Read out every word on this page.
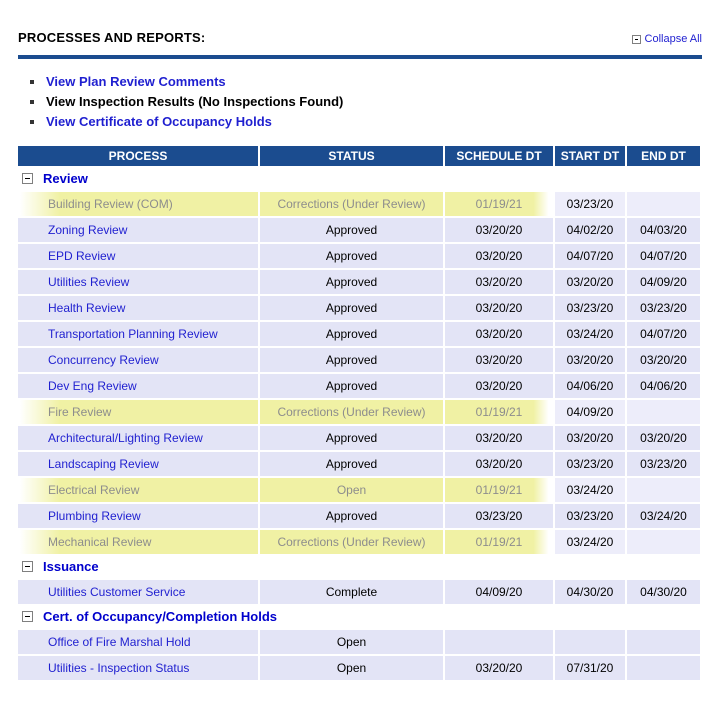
PROCESSES AND REPORTS:	Collapse All
View Plan Review Comments
View Inspection Results (No Inspections Found)
View Certificate of Occupancy Holds
PROCESS	STATUS	SCHEDULE DT	START DT	END DT

Review				

Building Review (COM)	Corrections (Under Review)	01/19/21	03/23/20	
Zoning Review	Approved	03/20/20	04/02/20	04/03/20
EPD Review	Approved	03/20/20	04/07/20	04/07/20
Utilities Review	Approved	03/20/20	03/20/20	04/09/20
Health Review	Approved	03/20/20	03/23/20	03/23/20
Transportation Planning Review	Approved	03/20/20	03/24/20	04/07/20
Concurrency Review	Approved	03/20/20	03/20/20	03/20/20
Dev Eng Review	Approved	03/20/20	04/06/20	04/06/20
Fire Review	Corrections (Under Review)	01/19/21	04/09/20	
Architectural/Lighting Review	Approved	03/20/20	03/20/20	03/20/20
Landscaping Review	Approved	03/20/20	03/23/20	03/23/20
Electrical Review	Open	01/19/21	03/24/20	
Plumbing Review	Approved	03/23/20	03/23/20	03/24/20
Mechanical Review	Corrections (Under Review)	01/19/21	03/24/20	

Issuance				

Utilities Customer Service	Complete	04/09/20	04/30/20	04/30/20

Cert. of Occupancy/Completion Holds				

Office of Fire Marshal Hold	Open			
Utilities - Inspection Status	Open	03/20/20	07/31/20	
